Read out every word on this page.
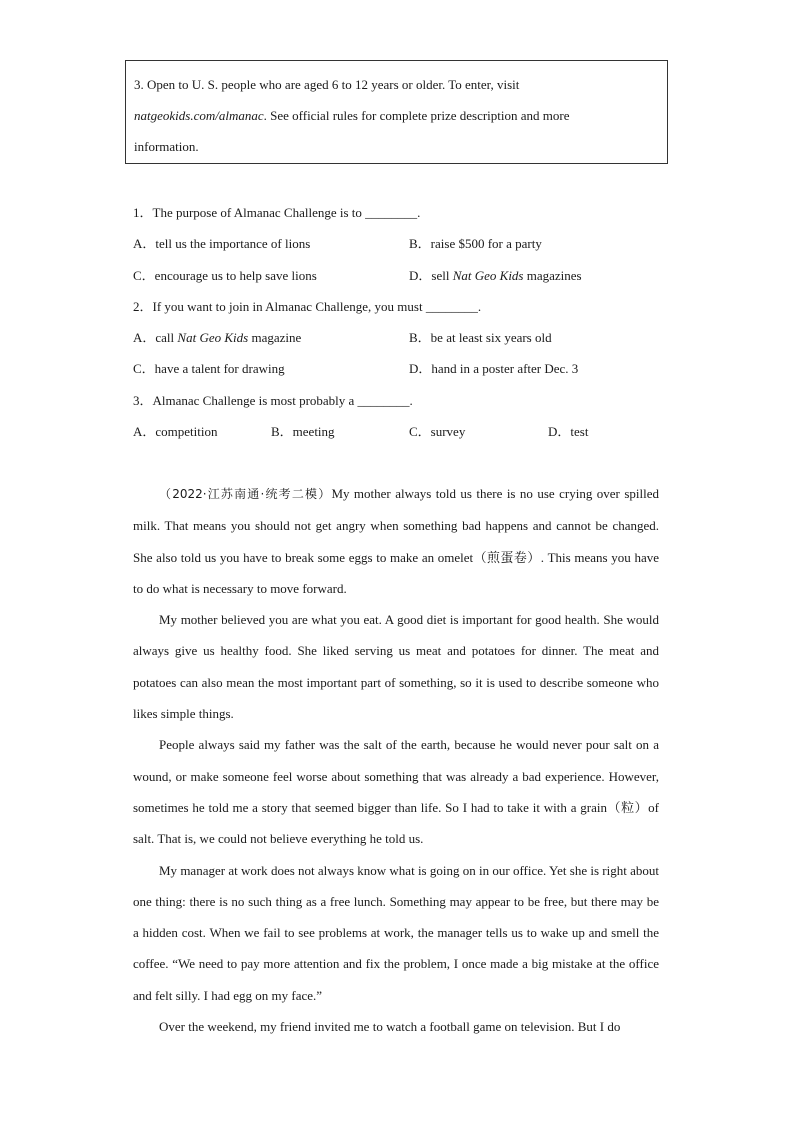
3. Open to U. S. people who are aged 6 to 12 years or older. To enter, visit

natgeokids.com/almanac. See official rules for complete prize description and more

information.

1．The purpose of Almanac Challenge is to ________.
A．tell us the importance of lions	B．raise $500 for a party
C．encourage us to help save lions	D．sell Nat Geo Kids magazines
2．If you want to join in Almanac Challenge, you must ________.
A．call Nat Geo Kids magazine	B．be at least six years old
C．have a talent for drawing	D．hand in a poster after Dec. 3
3．Almanac Challenge is most probably a ________.
A．competition	B．meeting	C．survey	D．test

（2022·江苏南通·统考二模）My mother always told us there is no use crying over spilled milk. That means you should not get angry when something bad happens and cannot be changed. She also told us you have to break some eggs to make an omelet（煎蛋卷）. This means you have to do what is necessary to move forward.

My mother believed you are what you eat. A good diet is important for good health. She would always give us healthy food. She liked serving us meat and potatoes for dinner. The meat and potatoes can also mean the most important part of something, so it is used to describe someone who likes simple things.

People always said my father was the salt of the earth, because he would never pour salt on a wound, or make someone feel worse about something that was already a bad experience. However, sometimes he told me a story that seemed bigger than life. So I had to take it with a grain（粒）of salt. That is, we could not believe everything he told us.

My manager at work does not always know what is going on in our office. Yet she is right about one thing: there is no such thing as a free lunch. Something may appear to be free, but there may be a hidden cost. When we fail to see problems at work, the manager tells us to wake up and smell the coffee. “We need to pay more attention and fix the problem, I once made a big mistake at the office and felt silly. I had egg on my face.”

Over the weekend, my friend invited me to watch a football game on television. But I do
